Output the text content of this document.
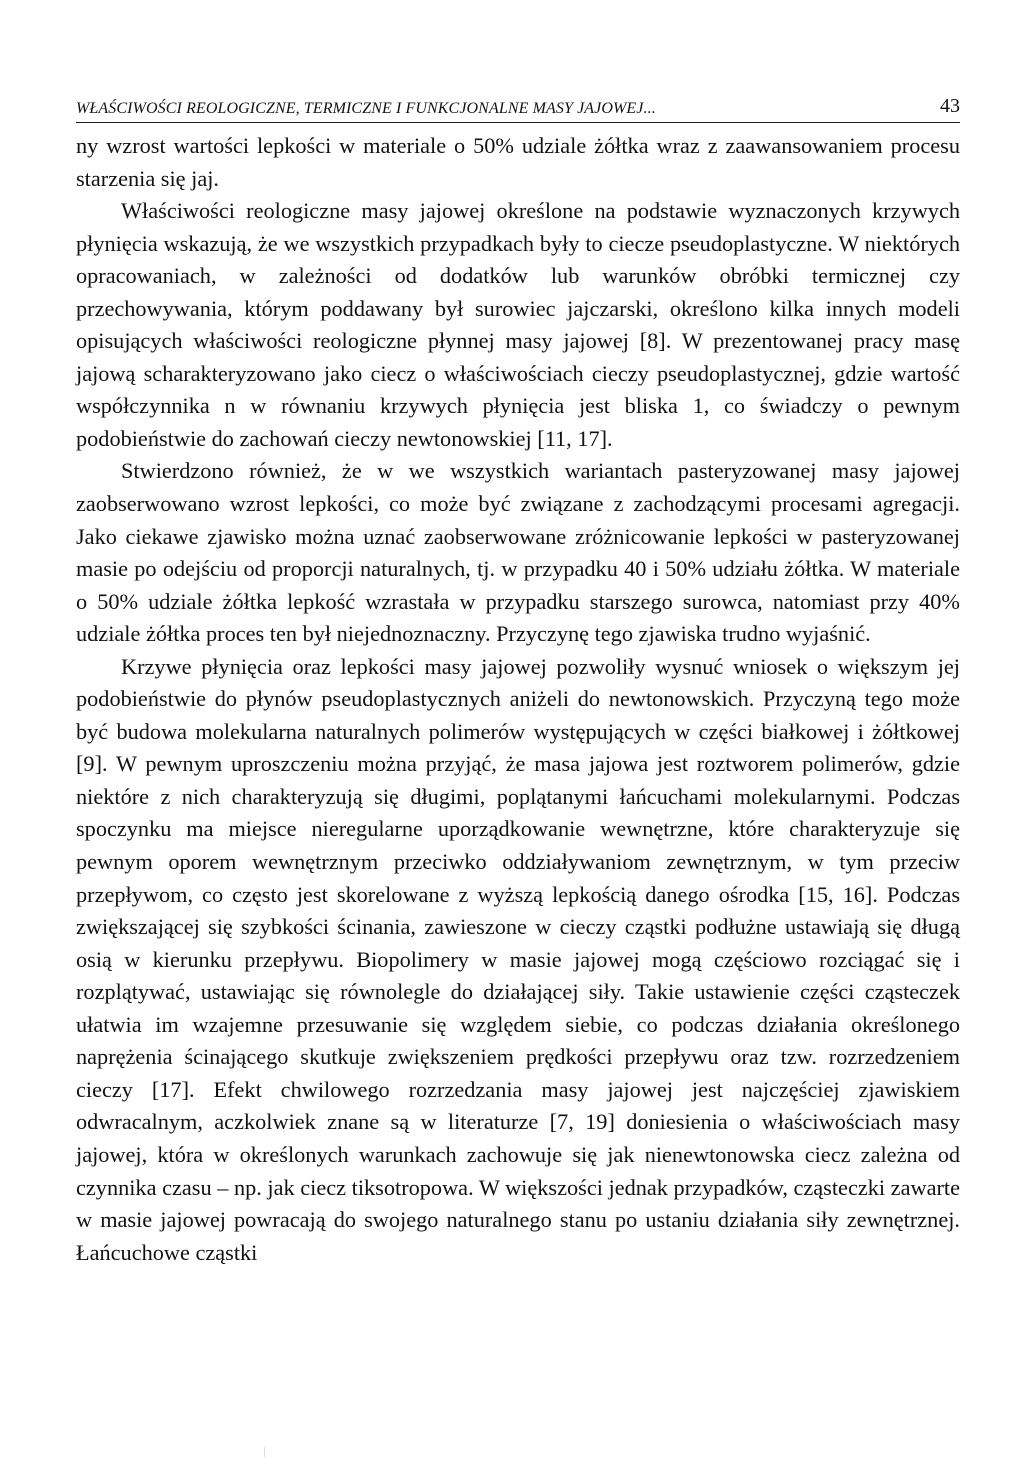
WŁAŚCIWOŚCI REOLOGICZNE, TERMICZNE I FUNKCJONALNE MASY JAJOWEJ...	43

ny wzrost wartości lepkości w materiale o 50% udziale żółtka wraz z zaawansowaniem procesu starzenia się jaj.

Właściwości reologiczne masy jajowej określone na podstawie wyznaczonych krzywych płynięcia wskazują, że we wszystkich przypadkach były to ciecze pseudoplastyczne. W niektórych opracowaniach, w zależności od dodatków lub warunków obróbki termicznej czy przechowywania, którym poddawany był surowiec jajczarski, określono kilka innych modeli opisujących właściwości reologiczne płynnej masy jajowej [8]. W prezentowanej pracy masę jajową scharakteryzowano jako ciecz o właściwościach cieczy pseudoplastycznej, gdzie wartość współczynnika n w równaniu krzywych płynięcia jest bliska 1, co świadczy o pewnym podobieństwie do zachowań cieczy newtonowskiej [11, 17].

Stwierdzono również, że w we wszystkich wariantach pasteryzowanej masy jajowej zaobserwowano wzrost lepkości, co może być związane z zachodzącymi procesami agregacji. Jako ciekawe zjawisko można uznać zaobserwowane zróżnicowanie lepkości w pasteryzowanej masie po odejściu od proporcji naturalnych, tj. w przypadku 40 i 50% udziału żółtka. W materiale o 50% udziale żółtka lepkość wzrastała w przypadku starszego surowca, natomiast przy 40% udziale żółtka proces ten był niejednoznaczny. Przyczynę tego zjawiska trudno wyjaśnić.

Krzywe płynięcia oraz lepkości masy jajowej pozwoliły wysnuć wniosek o większym jej podobieństwie do płynów pseudoplastycznych aniżeli do newtonowskich. Przyczyną tego może być budowa molekularna naturalnych polimerów występujących w części białkowej i żółtkowej [9]. W pewnym uproszczeniu można przyjąć, że masa jajowa jest roztworem polimerów, gdzie niektóre z nich charakteryzują się długimi, poplątanymi łańcuchami molekularnymi. Podczas spoczynku ma miejsce nieregularne uporządkowanie wewnętrzne, które charakteryzuje się pewnym oporem wewnętrznym przeciwko oddziaływaniom zewnętrznym, w tym przeciw przepływom, co często jest skorelowane z wyższą lepkością danego ośrodka [15, 16]. Podczas zwiększającej się szybkości ścinania, zawieszone w cieczy cząstki podłużne ustawiają się długą osią w kierunku przepływu. Biopolimery w masie jajowej mogą częściowo rozciągać się i rozplątywać, ustawiając się równolegle do działającej siły. Takie ustawienie części cząsteczek ułatwia im wzajemne przesuwanie się względem siebie, co podczas działania określonego naprężenia ścinającego skutkuje zwiększeniem prędkości przepływu oraz tzw. rozrzedzeniem cieczy [17]. Efekt chwilowego rozrzedzania masy jajowej jest najczęściej zjawiskiem odwracalnym, aczkolwiek znane są w literaturze [7, 19] doniesienia o właściwościach masy jajowej, która w określonych warunkach zachowuje się jak nienewtonowska ciecz zależna od czynnika czasu – np. jak ciecz tiksotropowa. W większości jednak przypadków, cząsteczki zawarte w masie jajowej powracają do swojego naturalnego stanu po ustaniu działania siły zewnętrznej. Łańcuchowe cząstki
